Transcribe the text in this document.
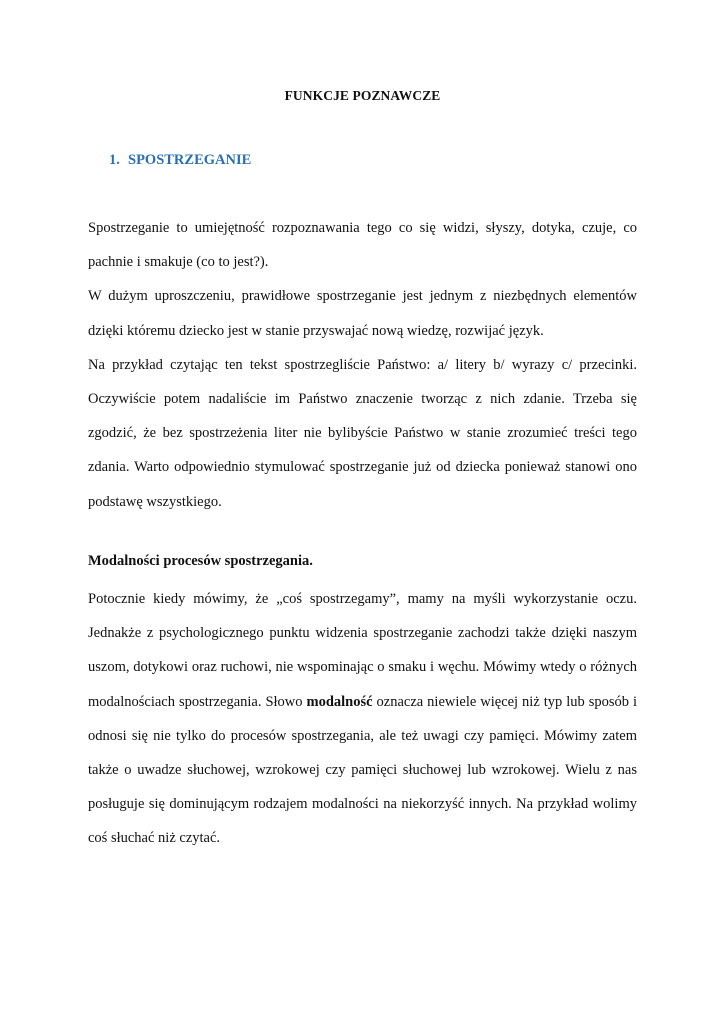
FUNKCJE POZNAWCZE
1. SPOSTRZEGANIE

Spostrzeganie to umiejętność rozpoznawania tego co się widzi, słyszy, dotyka, czuje, co

pachnie i smakuje (co to jest?).

W dużym uproszczeniu, prawidłowe spostrzeganie jest jednym z niezbędnych elementów

dzięki któremu dziecko jest w stanie przyswajać nową wiedzę, rozwijać język.

Na przykład czytając ten tekst spostrzegliście Państwo: a/ litery b/ wyrazy c/ przecinki.

Oczywiście potem nadaliście im Państwo znaczenie tworząc z nich zdanie. Trzeba się

zgodzić, że bez spostrzeżenia liter nie bylibyście Państwo w stanie zrozumieć treści tego

zdania. Warto odpowiednio stymulować spostrzeganie już od dziecka ponieważ stanowi ono

podstawę wszystkiego.

Modalności procesów spostrzegania.

Potocznie kiedy mówimy, że „coś spostrzegamy”, mamy na myśli wykorzystanie oczu.

Jednakże z psychologicznego punktu widzenia spostrzeganie zachodzi także dzięki naszym

uszom, dotykowi oraz ruchowi, nie wspominając o smaku i węchu. Mówimy wtedy o różnych

modalnościach spostrzegania. Słowo modalność oznacza niewiele więcej niż typ lub sposób i

odnosi się nie tylko do procesów spostrzegania, ale też uwagi czy pamięci. Mówimy zatem

także o uwadze słuchowej, wzrokowej czy pamięci słuchowej lub wzrokowej. Wielu z nas

posługuje się dominującym rodzajem modalności na niekorzyść innych. Na przykład wolimy

coś słuchać niż czytać.
